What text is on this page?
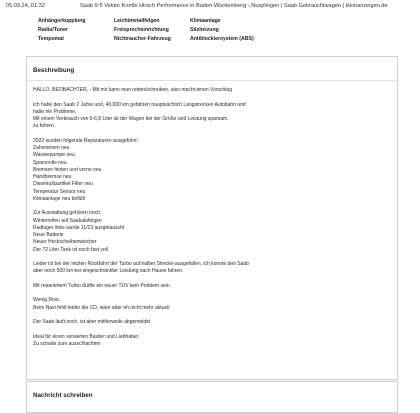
05.09.24, 01:32	Saab 9-5 Vektor Kombi Hirsch Performance in Baden-Württemberg - Nusplingen | Saab Gebrauchtwagen | kleinanzeigen.de
Anhängerkupplung	Leichtmetallfelgen	Klimaanlage
Radio/Tuner	Freisprecheinrichtung	Sitzheizung
Tempomat	Nichtraucher-Fahrzeug	Antiblockiersystem (ABS)
Beschreibung
HALLO, BEOBACHTER, - Mit mir kann man reden/schreiben, also macht einen Vorschlag
Ich habe den Saab 2 Jahre und, 40.000 km gefahren hauptsächlich Langstrecken Autobahn und
hatte nie Probleme.
Mit einem Verbrauch von 6-6,8 Liter ist der Wagen bei der Größe und Leistung sparsam.
zu fahren.
2022 wurden folgende Reparaturen ausgeführt:
Zahnriemen neu
Wasserpumpe neu
Spannrolle neu
Bremsen hinten und vorne neu
Handbremse neu
Dieselrußpartikel Filter neu
Temperatur Sensor neu
Klimaanlage neu befüllt
Zur Ausstattung gehören noch:
Winterreifen auf Saabalufelgen
Radlager links wurde 11/23 ausgetauscht
Neue Batterie
Neuer Heckscheibenwischer
Der 72 Liter Tank ist noch fast voll
Leider ist bei der letzten Rückfahrt der Turbo auf halber Strecke ausgefallen, ich konnte den Saab
aber noch 500 km bei eingeschränkter Leistung nach Hause fahren.
Mit repariertem Turbo dürfte ein neuer TÜV kein Problem sein.
Wenig Rost,
Beim Navi fehlt leider die CD, wäre aber eh nicht mehr aktuell
Der Saab läuft noch, ist aber mittlerweile abgemeldet
Ideal für einen versierten Bastler und Liebhaber.
Zu schade zum ausschlachten
Nachricht schreiben
